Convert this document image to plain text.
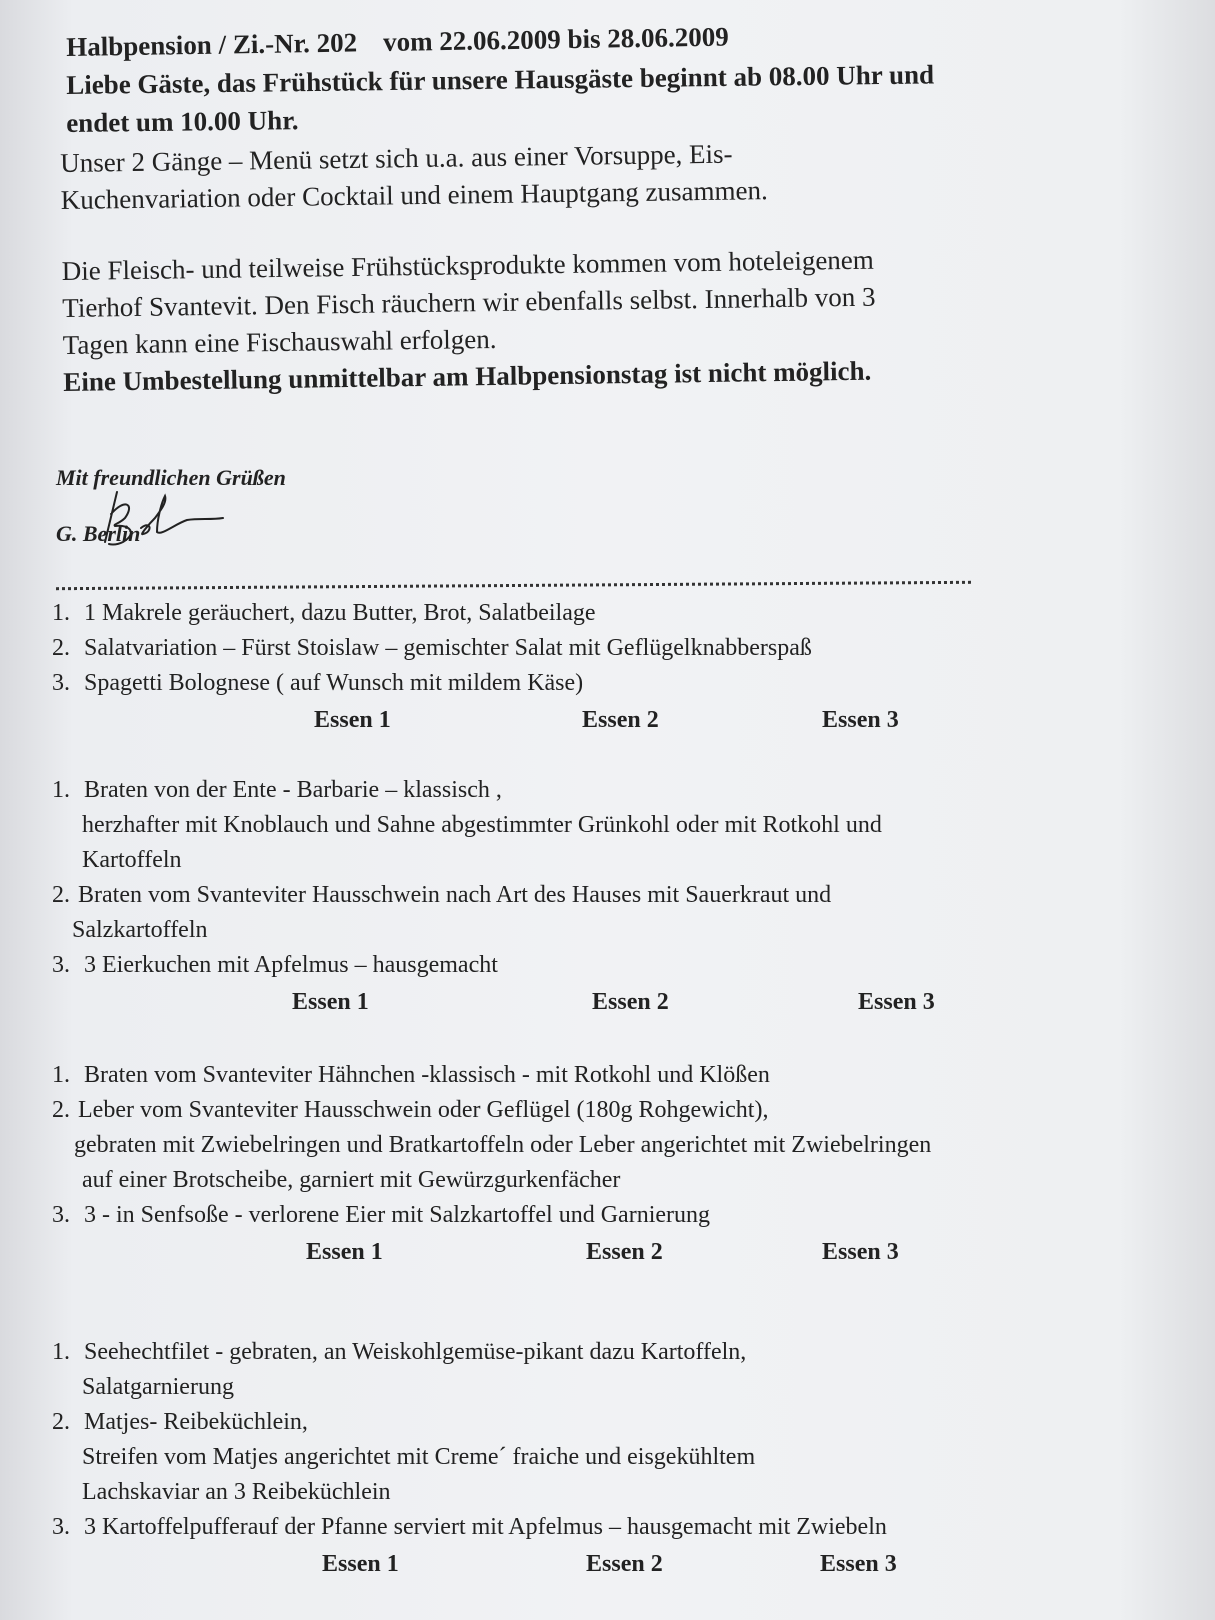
Halbpension / Zi.-Nr. 202 vom 22.06.2009 bis 28.06.2009
Liebe Gäste, das Frühstück für unsere Hausgäste beginnt ab 08.00 Uhr und
endet um 10.00 Uhr.

Unser 2 Gänge – Menü setzt sich u.a. aus einer Vorsuppe, Eis-

Kuchenvariation oder Cocktail und einem Hauptgang zusammen.

Die Fleisch- und teilweise Frühstücksprodukte kommen vom hoteleigenem

Tierhof Svantevit. Den Fisch räuchern wir ebenfalls selbst. Innerhalb von 3

Tagen kann eine Fischauswahl erfolgen.

Eine Umbestellung unmittelbar am Halbpensionstag ist nicht möglich.

Mit freundlichen Grüßen
G. Berlin
1. 1 Makrele geräuchert, dazu Butter, Brot, Salatbeilage
2. Salatvariation – Fürst Stoislaw – gemischter Salat mit Geflügelknabberspaß
3. Spagetti Bolognese ( auf Wunsch mit mildem Käse)
Essen 1	Essen 2	Essen 3
1. Braten von der Ente - Barbarie – klassisch ,
herzhafter mit Knoblauch und Sahne abgestimmter Grünkohl oder mit Rotkohl und
Kartoffeln
2. Braten vom Svanteviter Hausschwein nach Art des Hauses mit Sauerkraut und
Salzkartoffeln
3. 3 Eierkuchen mit Apfelmus – hausgemacht
Essen 1	Essen 2	Essen 3
1. Braten vom Svanteviter Hähnchen -klassisch - mit Rotkohl und Klößen
2. Leber vom Svanteviter Hausschwein oder Geflügel (180g Rohgewicht),
gebraten mit Zwiebelringen und Bratkartoffeln oder Leber angerichtet mit Zwiebelringen
auf einer Brotscheibe, garniert mit Gewürzgurkenfächer
3. 3 - in Senfsoße - verlorene Eier mit Salzkartoffel und Garnierung
Essen 1	Essen 2	Essen 3
1. Seehechtfilet - gebraten, an Weiskohlgemüse-pikant dazu Kartoffeln,
Salatgarnierung
2. Matjes- Reibeküchlein,
Streifen vom Matjes angerichtet mit Creme´ fraiche und eisgekühltem
Lachskaviar an 3 Reibeküchlein
3. 3 Kartoffelpufferauf der Pfanne serviert mit Apfelmus – hausgemacht mit Zwiebeln
Essen 1	Essen 2	Essen 3
